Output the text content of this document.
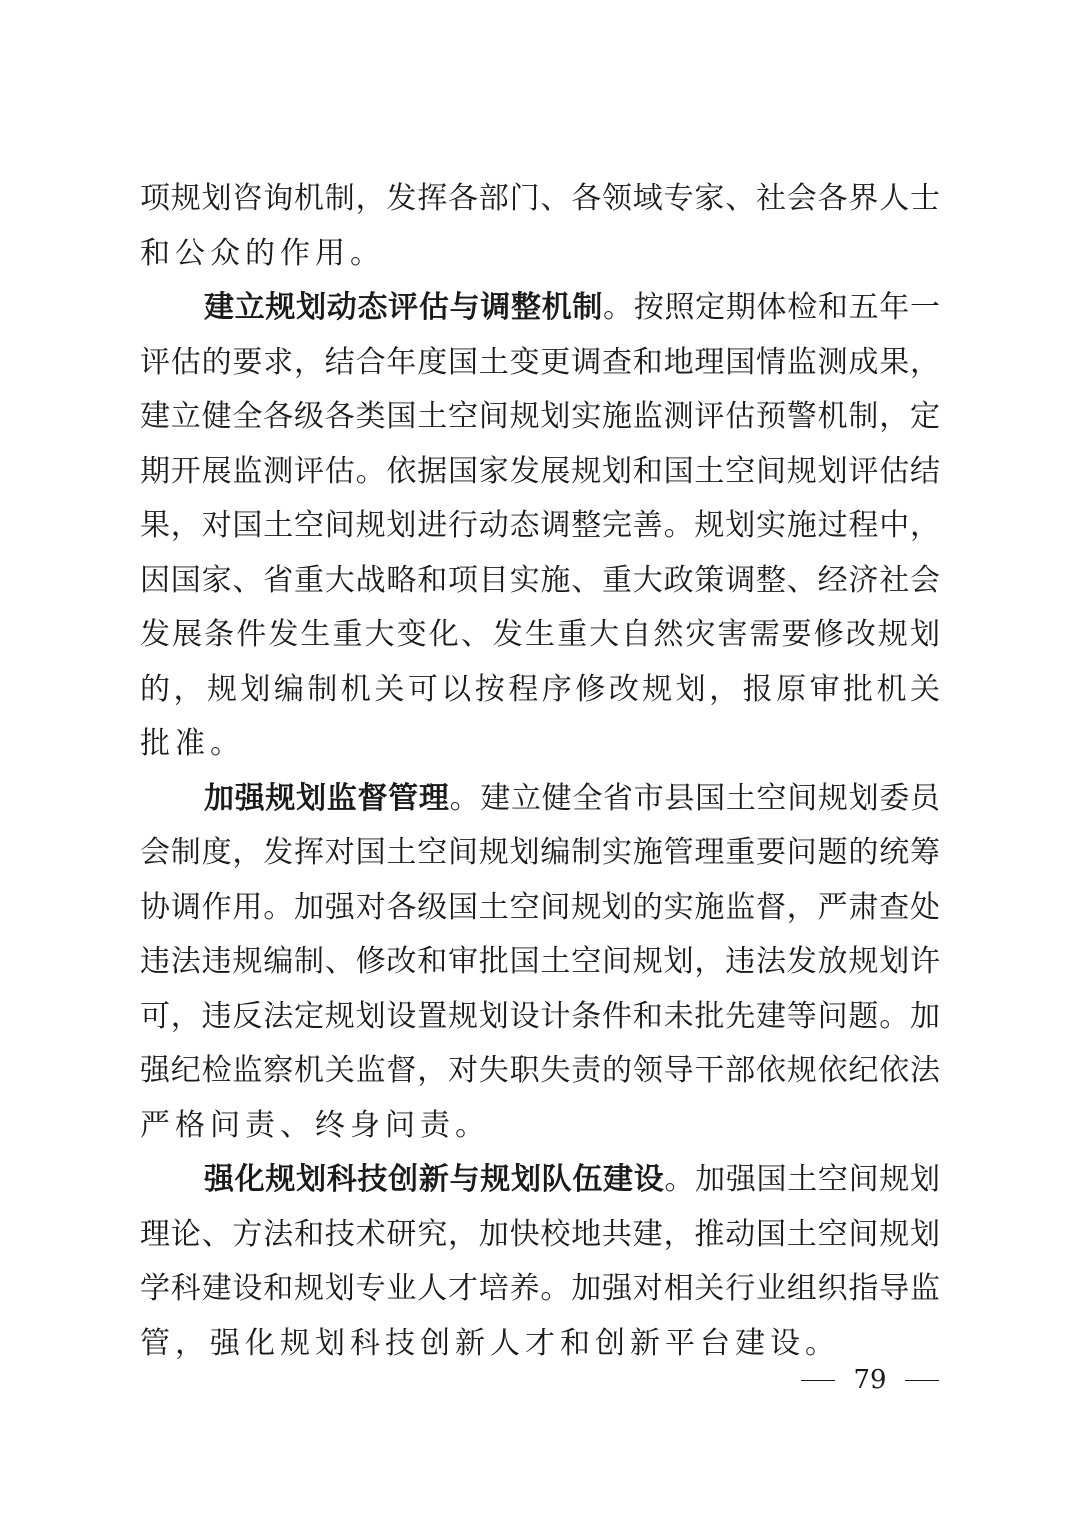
项规划咨询机制，发挥各部门、各领域专家、社会各界人士
和公众的作用。
建立规划动态评估与调整机制。按照定期体检和五年一
评估的要求，结合年度国土变更调查和地理国情监测成果，
建立健全各级各类国土空间规划实施监测评估预警机制，定
期开展监测评估。依据国家发展规划和国土空间规划评估结
果，对国土空间规划进行动态调整完善。规划实施过程中，
因国家、省重大战略和项目实施、重大政策调整、经济社会
发展条件发生重大变化、发生重大自然灾害需要修改规划
的，规划编制机关可以按程序修改规划，报原审批机关
批准。
加强规划监督管理。建立健全省市县国土空间规划委员
会制度，发挥对国土空间规划编制实施管理重要问题的统筹
协调作用。加强对各级国土空间规划的实施监督，严肃查处
违法违规编制、修改和审批国土空间规划，违法发放规划许
可，违反法定规划设置规划设计条件和未批先建等问题。加
强纪检监察机关监督，对失职失责的领导干部依规依纪依法
严格问责、终身问责。
强化规划科技创新与规划队伍建设。加强国土空间规划
理论、方法和技术研究，加快校地共建，推动国土空间规划
学科建设和规划专业人才培养。加强对相关行业组织指导监
管，强化规划科技创新人才和创新平台建设。
79
